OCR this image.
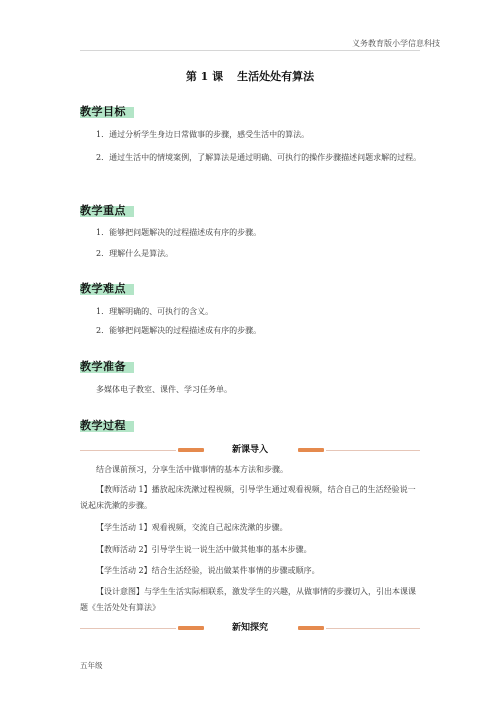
义务教育版小学信息科技
第 1 课 生活处处有算法
教学目标
1．通过分析学生身边日常做事的步骤，感受生活中的算法。
2．通过生活中的情境案例，了解算法是通过明确、可执行的操作步骤描述问题求解的过程。
教学重点
1．能够把问题解决的过程描述成有序的步骤。
2．理解什么是算法。
教学难点
1．理解明确的、可执行的含义。
2．能够把问题解决的过程描述成有序的步骤。
教学准备
多媒体电子教室、课件、学习任务单。
教学过程
新课导入
结合课前预习，分享生活中做事情的基本方法和步骤。
【教师活动 1】播放起床洗漱过程视频，引导学生通过观看视频，结合自己的生活经验说一说起床洗漱的步骤。
【学生活动 1】观看视频，交流自己起床洗漱的步骤。
【教师活动 2】引导学生说一说生活中做其他事的基本步骤。
【学生活动 2】结合生活经验，说出做某件事情的步骤或顺序。
【设计意图】与学生生活实际相联系，激发学生的兴趣，从做事情的步骤切入，引出本课课题《生活处处有算法》
新知探究
五年级
